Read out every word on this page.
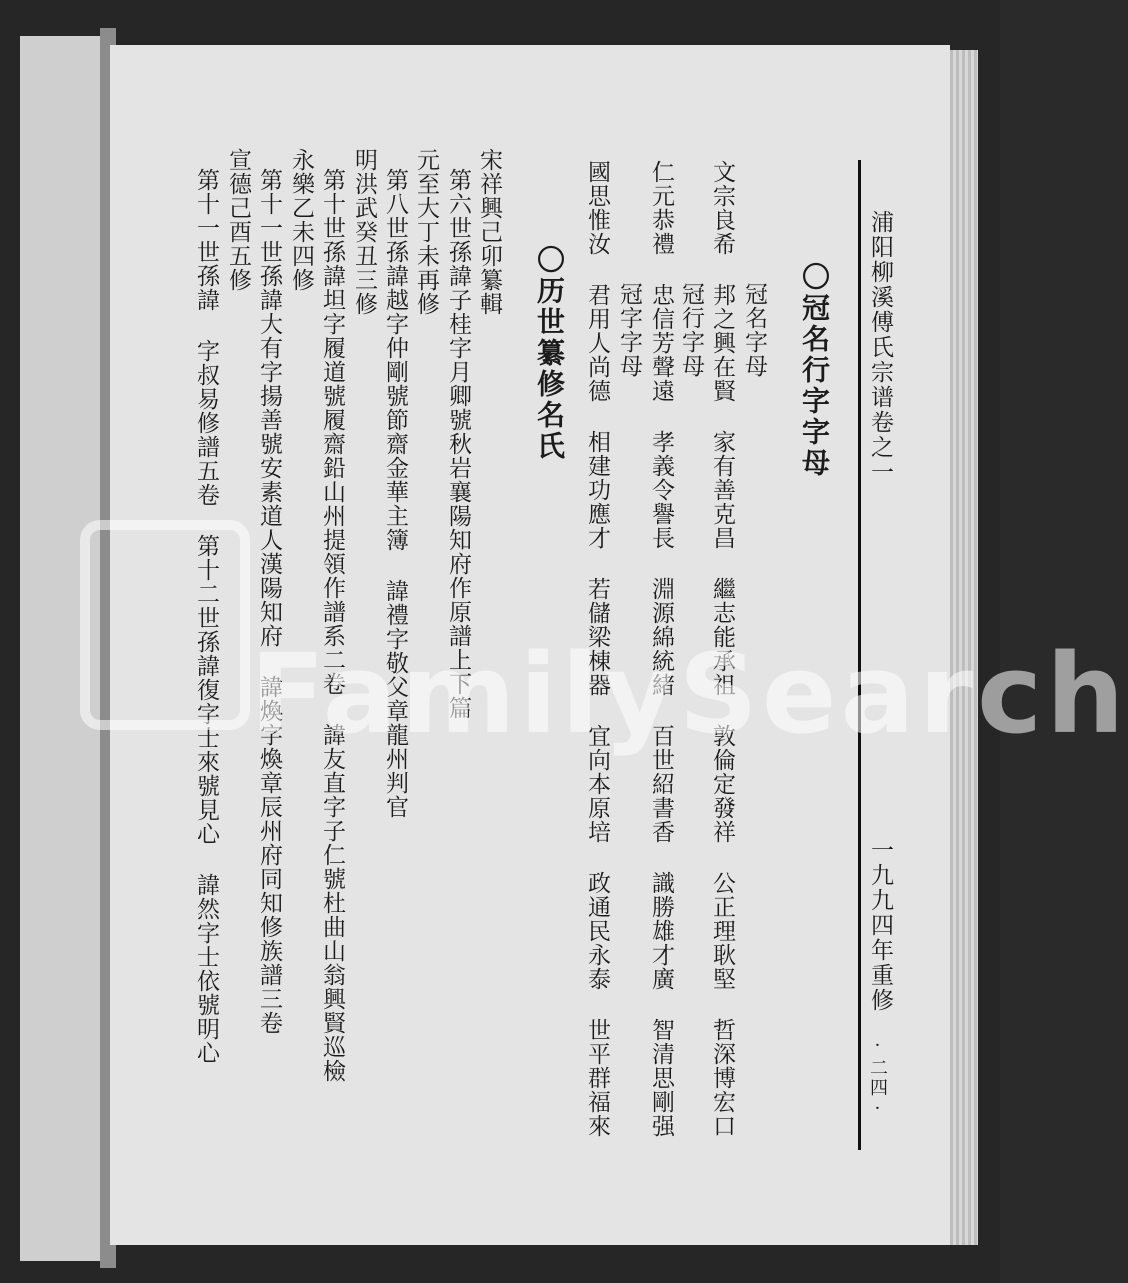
浦阳柳溪傅氏宗谱卷之一
一九九四年重修
·二四·
〇冠名行字字母
冠名字母
文宗良希 邦之興在賢 家有善克昌 繼志能承祖 敦倫定發祥 公正理耿堅 哲深博宏口
冠行字母
仁元恭禮 忠信芳聲遠 孝義令譽長 淵源綿統緒 百世紹書香 識勝雄才廣 智清思剛强
冠字字母
國思惟汝 君用人尚德 相建功應才 若儲梁棟器 宜向本原培 政通民永泰 世平群福來
〇历世纂修名氏
宋祥興己卯纂輯
第六世孫諱子桂字月卿號秋岩襄陽知府作原譜上下篇
元至大丁未再修
第八世孫諱越字仲剛號節齋金華主簿 諱禮字敬父章龍州判官
明洪武癸丑三修
第十世孫諱坦字履道號履齋鉛山州提領作譜系二卷 諱友直字子仁號杜曲山翁興賢巡檢
永樂乙未四修
第十一世孫諱大有字揚善號安素道人漢陽知府 諱煥字煥章辰州府同知修族譜三卷
宣德己酉五修
第十一世孫諱 字叔易修譜五卷 第十二世孫諱復字士來號見心 諱然字士依號明心 FamilySearch
